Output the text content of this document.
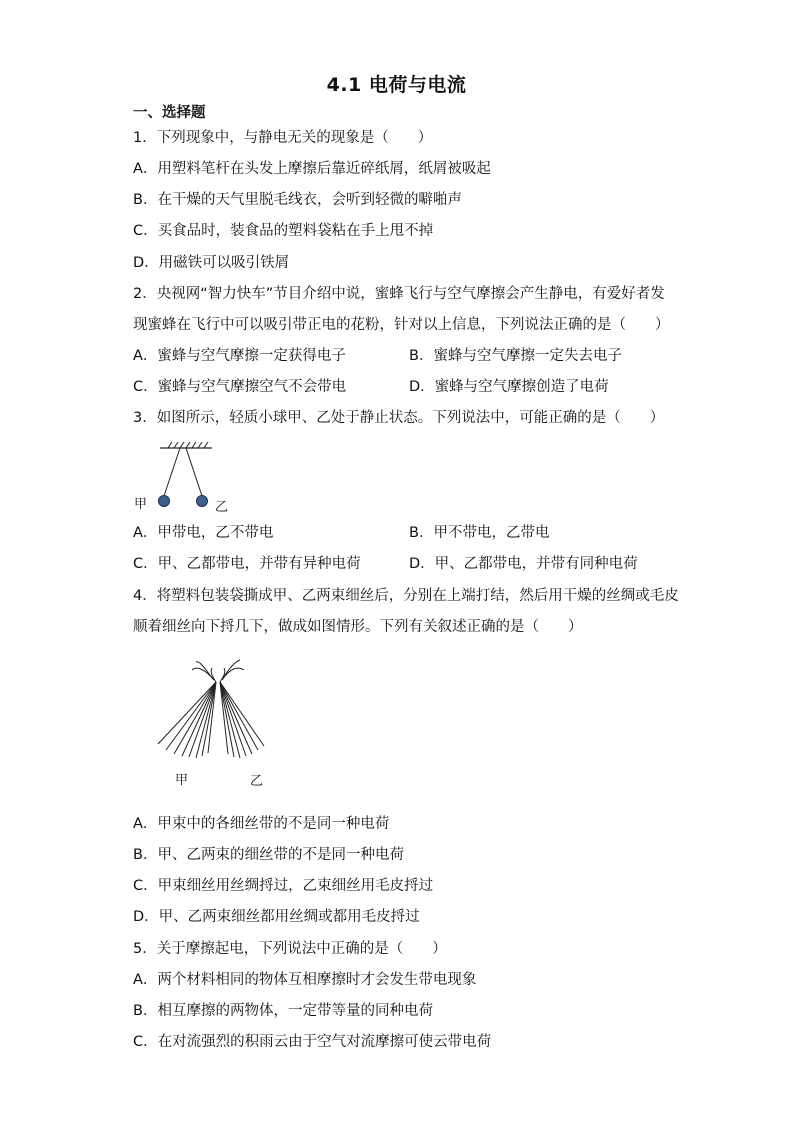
4.1 电荷与电流
一、选择题
1．下列现象中，与静电无关的现象是（　　）
A．用塑料笔杆在头发上摩擦后靠近碎纸屑，纸屑被吸起
B．在干燥的天气里脱毛线衣，会听到轻微的噼啪声
C．买食品时，装食品的塑料袋粘在手上甩不掉
D．用磁铁可以吸引铁屑
2．央视网“智力快车”节目介绍中说，蜜蜂飞行与空气摩擦会产生静电，有爱好者发
现蜜蜂在飞行中可以吸引带正电的花粉，针对以上信息，下列说法正确的是（　　）
A．蜜蜂与空气摩擦一定获得电子	B．蜜蜂与空气摩擦一定失去电子
C．蜜蜂与空气摩擦空气不会带电	D．蜜蜂与空气摩擦创造了电荷
3．如图所示，轻质小球甲、乙处于静止状态。下列说法中，可能正确的是（　　）
甲	乙
A．甲带电，乙不带电	B．甲不带电，乙带电
C．甲、乙都带电，并带有异种电荷	D．甲、乙都带电，并带有同种电荷
4．将塑料包装袋撕成甲、乙两束细丝后，分别在上端打结，然后用干燥的丝绸或毛皮
顺着细丝向下捋几下，做成如图情形。下列有关叙述正确的是（　　）
甲	乙
A．甲束中的各细丝带的不是同一种电荷
B．甲、乙两束的细丝带的不是同一种电荷
C．甲束细丝用丝绸捋过，乙束细丝用毛皮捋过
D．甲、乙两束细丝都用丝绸或都用毛皮捋过
5．关于摩擦起电，下列说法中正确的是（　　）
A．两个材料相同的物体互相摩擦时才会发生带电现象
B．相互摩擦的两物体，一定带等量的同种电荷
C．在对流强烈的积雨云由于空气对流摩擦可使云带电荷
